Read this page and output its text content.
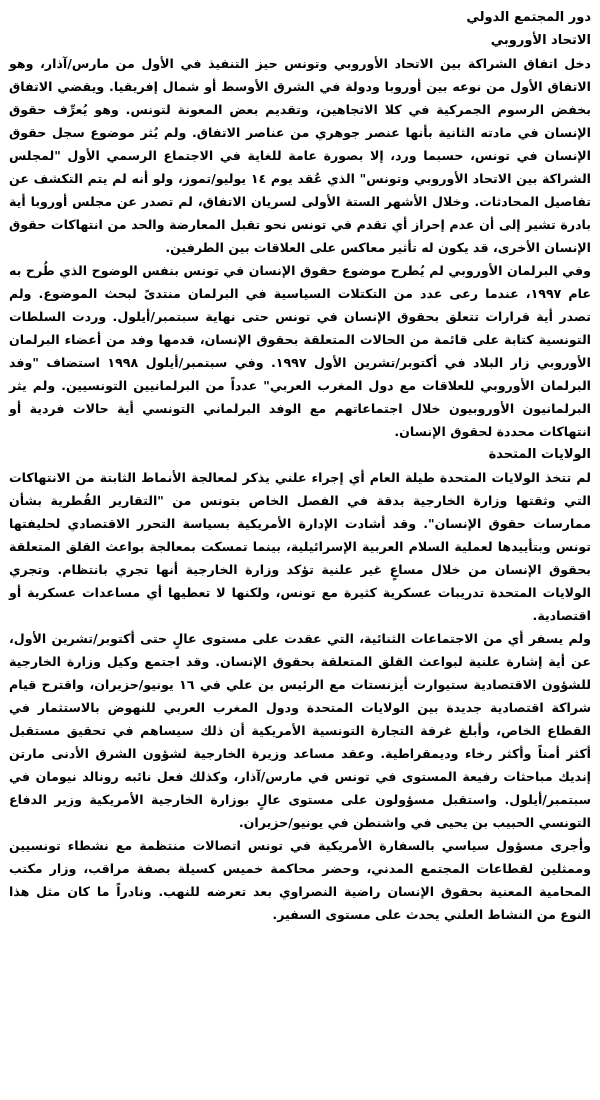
دور المجتمع الدولي
الاتحاد الأوروبي

دخل اتفاق الشراكة بين الاتحاد الأوروبي وتونس حيز التنفيذ في الأول من مارس/آذار، وهو الاتفاق الأول من نوعه بين أوروبا ودولة في الشرق الأوسط أو شمال إفريقيا. ويقضي الاتفاق بخفض الرسوم الجمركية في كلا الاتجاهين، وتقديم بعض المعونة لتونس. وهو يُعرِّف حقوق الإنسان في مادته الثانية بأنها عنصر جوهري من عناصر الاتفاق. ولم يُثر موضوع سجل حقوق الإنسان في تونس، حسبما ورد، إلا بصورة عامة للغاية في الاجتماع الرسمي الأول "لمجلس الشراكة بين الاتحاد الأوروبي وتونس" الذي عُقد يوم ١٤ يوليو/تموز، ولو أنه لم يتم التكشف عن تفاصيل المحادثات. وخلال الأشهر الستة الأولى لسريان الاتفاق، لم تصدر عن مجلس أوروبا أية بادرة تشير إلى أن عدم إحراز أي تقدم في تونس نحو تقبل المعارضة والحد من انتهاكات حقوق الإنسان الأخرى، قد يكون له تأثير معاكس على العلاقات بين الطرفين.

وفي البرلمان الأوروبي لم يُطرح موضوع حقوق الإنسان في تونس بنفس الوضوح الذي طُرح به عام ١٩٩٧، عندما رعى عدد من التكتلات السياسية في البرلمان منتدىً لبحث الموضوع. ولم تصدر أية قرارات تتعلق بحقوق الإنسان في تونس حتى نهاية سبتمبر/أيلول. وردت السلطات التونسية كتابة على قائمة من الحالات المتعلقة بحقوق الإنسان، قدمها وفد من أعضاء البرلمان الأوروبي زار البلاد في أكتوبر/تشرين الأول ١٩٩٧. وفي سبتمبر/أيلول ١٩٩٨ استضاف "وفد البرلمان الأوروبي للعلاقات مع دول المغرب العربي" عدداً من البرلمانيين التونسيين. ولم يثر البرلمانيون الأوروبيون خلال اجتماعاتهم مع الوفد البرلماني التونسي أية حالات فردية أو انتهاكات محددة لحقوق الإنسان.

الولايات المتحدة

لم تتخذ الولايات المتحدة طيلة العام أي إجراء علني يذكر لمعالجة الأنماط الثابتة من الانتهاكات التي وثقتها وزارة الخارجية بدقة في الفصل الخاص بتونس من "التقارير القُطرية بشأن ممارسات حقوق الإنسان". وقد أشادت الإدارة الأمريكية بسياسة التحرر الاقتصادي لحليفتها تونس وبتأييدها لعملية السلام العربية الإسرائيلية، بينما تمسكت بمعالجة بواعث القلق المتعلقة بحقوق الإنسان من خلال مساعٍ غير علنية تؤكد وزارة الخارجية أنها تجري بانتظام. وتجري الولايات المتحدة تدريبات عسكرية كثيرة مع تونس، ولكنها لا تعطيها أي مساعدات عسكرية أو اقتصادية.

ولم يسفر أي من الاجتماعات الثنائية، التي عقدت على مستوى عالٍ حتى أكتوبر/تشرين الأول، عن أية إشارة علنية لبواعث القلق المتعلقة بحقوق الإنسان. وقد اجتمع وكيل وزارة الخارجية للشؤون الاقتصادية ستيوارت أيزنستات مع الرئيس بن علي في ١٦ يونيو/حزيران، واقترح قيام شراكة اقتصادية جديدة بين الولايات المتحدة ودول المغرب العربي للنهوض بالاستثمار في القطاع الخاص، وأبلغ غرفة التجارة التونسية الأمريكية أن ذلك سيساهم في تحقيق مستقبل أكثر أمناً وأكثر رخاء وديمقراطية. وعقد مساعد وزيرة الخارجية لشؤون الشرق الأدنى مارتن إنديك مباحثات رفيعة المستوى في تونس في مارس/آذار، وكذلك فعل نائبه رونالد نيومان في سبتمبر/أيلول. واستقبل مسؤولون على مستوى عالٍ بوزارة الخارجية الأمريكية وزير الدفاع التونسي الحبيب بن يحيى في واشنطن في يونيو/حزيران.

وأجرى مسؤول سياسي بالسفارة الأمريكية في تونس اتصالات منتظمة مع نشطاء تونسيين وممثلين لقطاعات المجتمع المدني، وحضر محاكمة خميس كسيلة بصفة مراقب، وزار مكتب المحامية المعنية بحقوق الإنسان راضية النصراوي بعد تعرضه للنهب. ونادراً ما كان مثل هذا النوع من النشاط العلني يحدث على مستوى السفير.
